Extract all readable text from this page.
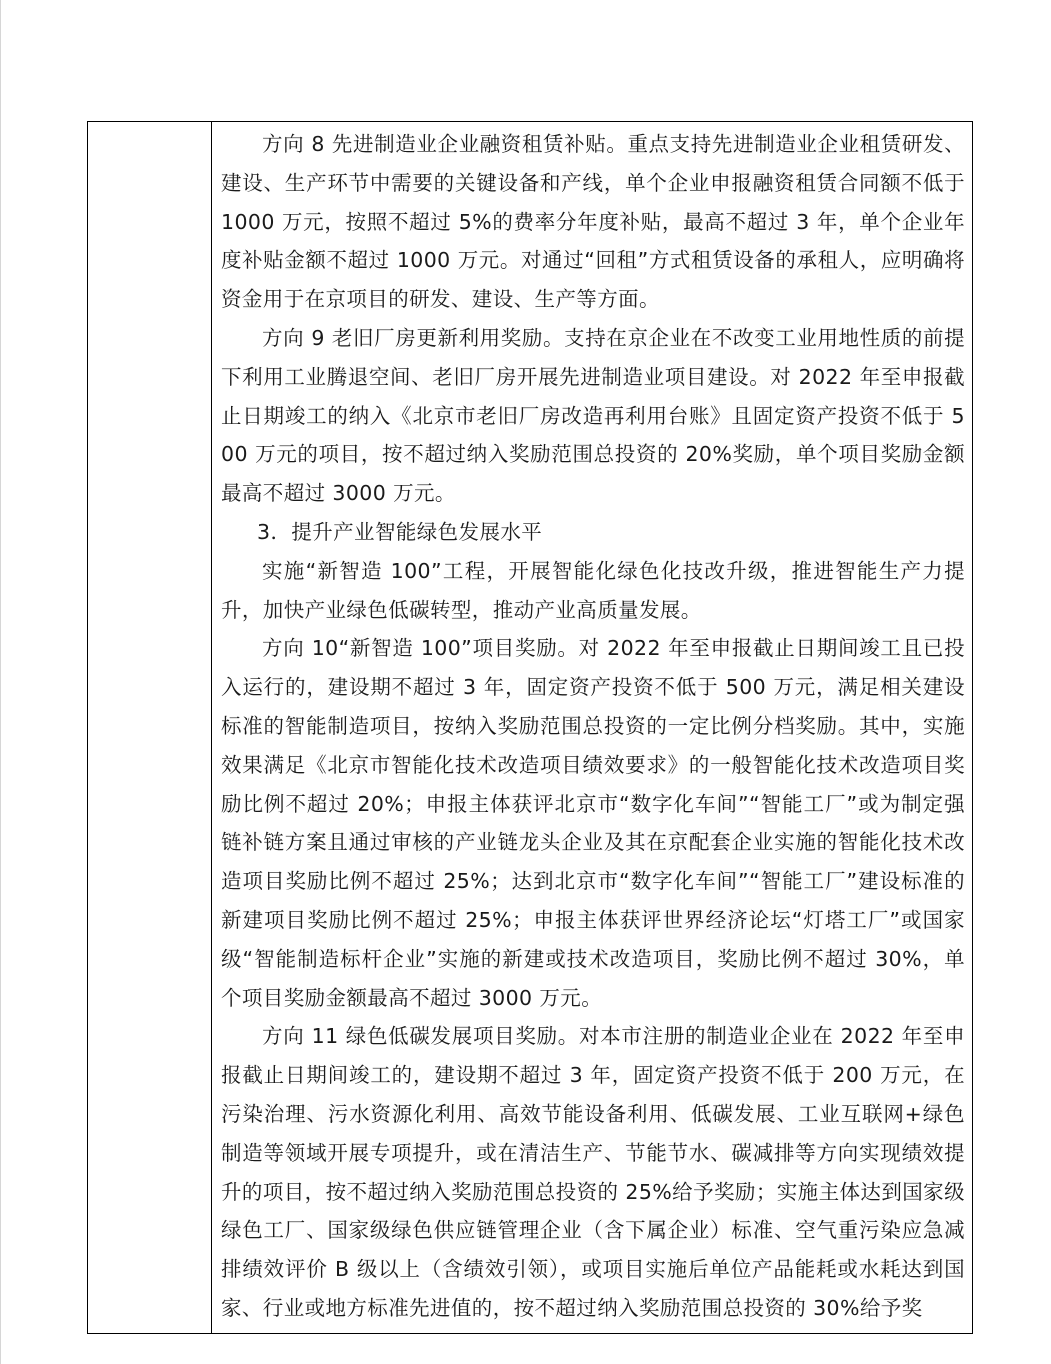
方向 8 先进制造业企业融资租赁补贴。重点支持先进制造业企业租赁研发、建设、生产环节中需要的关键设备和产线，单个企业申报融资租赁合同额不低于 1000 万元，按照不超过 5%的费率分年度补贴，最高不超过 3 年，单个企业年度补贴金额不超过 1000 万元。对通过“回租”方式租赁设备的承租人，应明确将资金用于在京项目的研发、建设、生产等方面。

方向 9 老旧厂房更新利用奖励。支持在京企业在不改变工业用地性质的前提下利用工业腾退空间、老旧厂房开展先进制造业项目建设。对 2022 年至申报截止日期竣工的纳入《北京市老旧厂房改造再利用台账》且固定资产投资不低于 500 万元的项目，按不超过纳入奖励范围总投资的 20%奖励，单个项目奖励金额最高不超过 3000 万元。

3．提升产业智能绿色发展水平

实施“新智造 100”工程，开展智能化绿色化技改升级，推进智能生产力提升，加快产业绿色低碳转型，推动产业高质量发展。

方向 10“新智造 100”项目奖励。对 2022 年至申报截止日期间竣工且已投入运行的，建设期不超过 3 年，固定资产投资不低于 500 万元，满足相关建设标准的智能制造项目，按纳入奖励范围总投资的一定比例分档奖励。其中，实施效果满足《北京市智能化技术改造项目绩效要求》的一般智能化技术改造项目奖励比例不超过 20%；申报主体获评北京市“数字化车间”“智能工厂”或为制定强链补链方案且通过审核的产业链龙头企业及其在京配套企业实施的智能化技术改造项目奖励比例不超过 25%；达到北京市“数字化车间”“智能工厂”建设标准的新建项目奖励比例不超过 25%；申报主体获评世界经济论坛“灯塔工厂”或国家级“智能制造标杆企业”实施的新建或技术改造项目，奖励比例不超过 30%，单个项目奖励金额最高不超过 3000 万元。

方向 11 绿色低碳发展项目奖励。对本市注册的制造业企业在 2022 年至申报截止日期间竣工的，建设期不超过 3 年，固定资产投资不低于 200 万元，在污染治理、污水资源化利用、高效节能设备利用、低碳发展、工业互联网+绿色制造等领域开展专项提升，或在清洁生产、节能节水、碳减排等方向实现绩效提升的项目，按不超过纳入奖励范围总投资的 25%给予奖励；实施主体达到国家级绿色工厂、国家级绿色供应链管理企业（含下属企业）标准、空气重污染应急减排绩效评价 B 级以上（含绩效引领），或项目实施后单位产品能耗或水耗达到国家、行业或地方标准先进值的，按不超过纳入奖励范围总投资的 30%给予奖
